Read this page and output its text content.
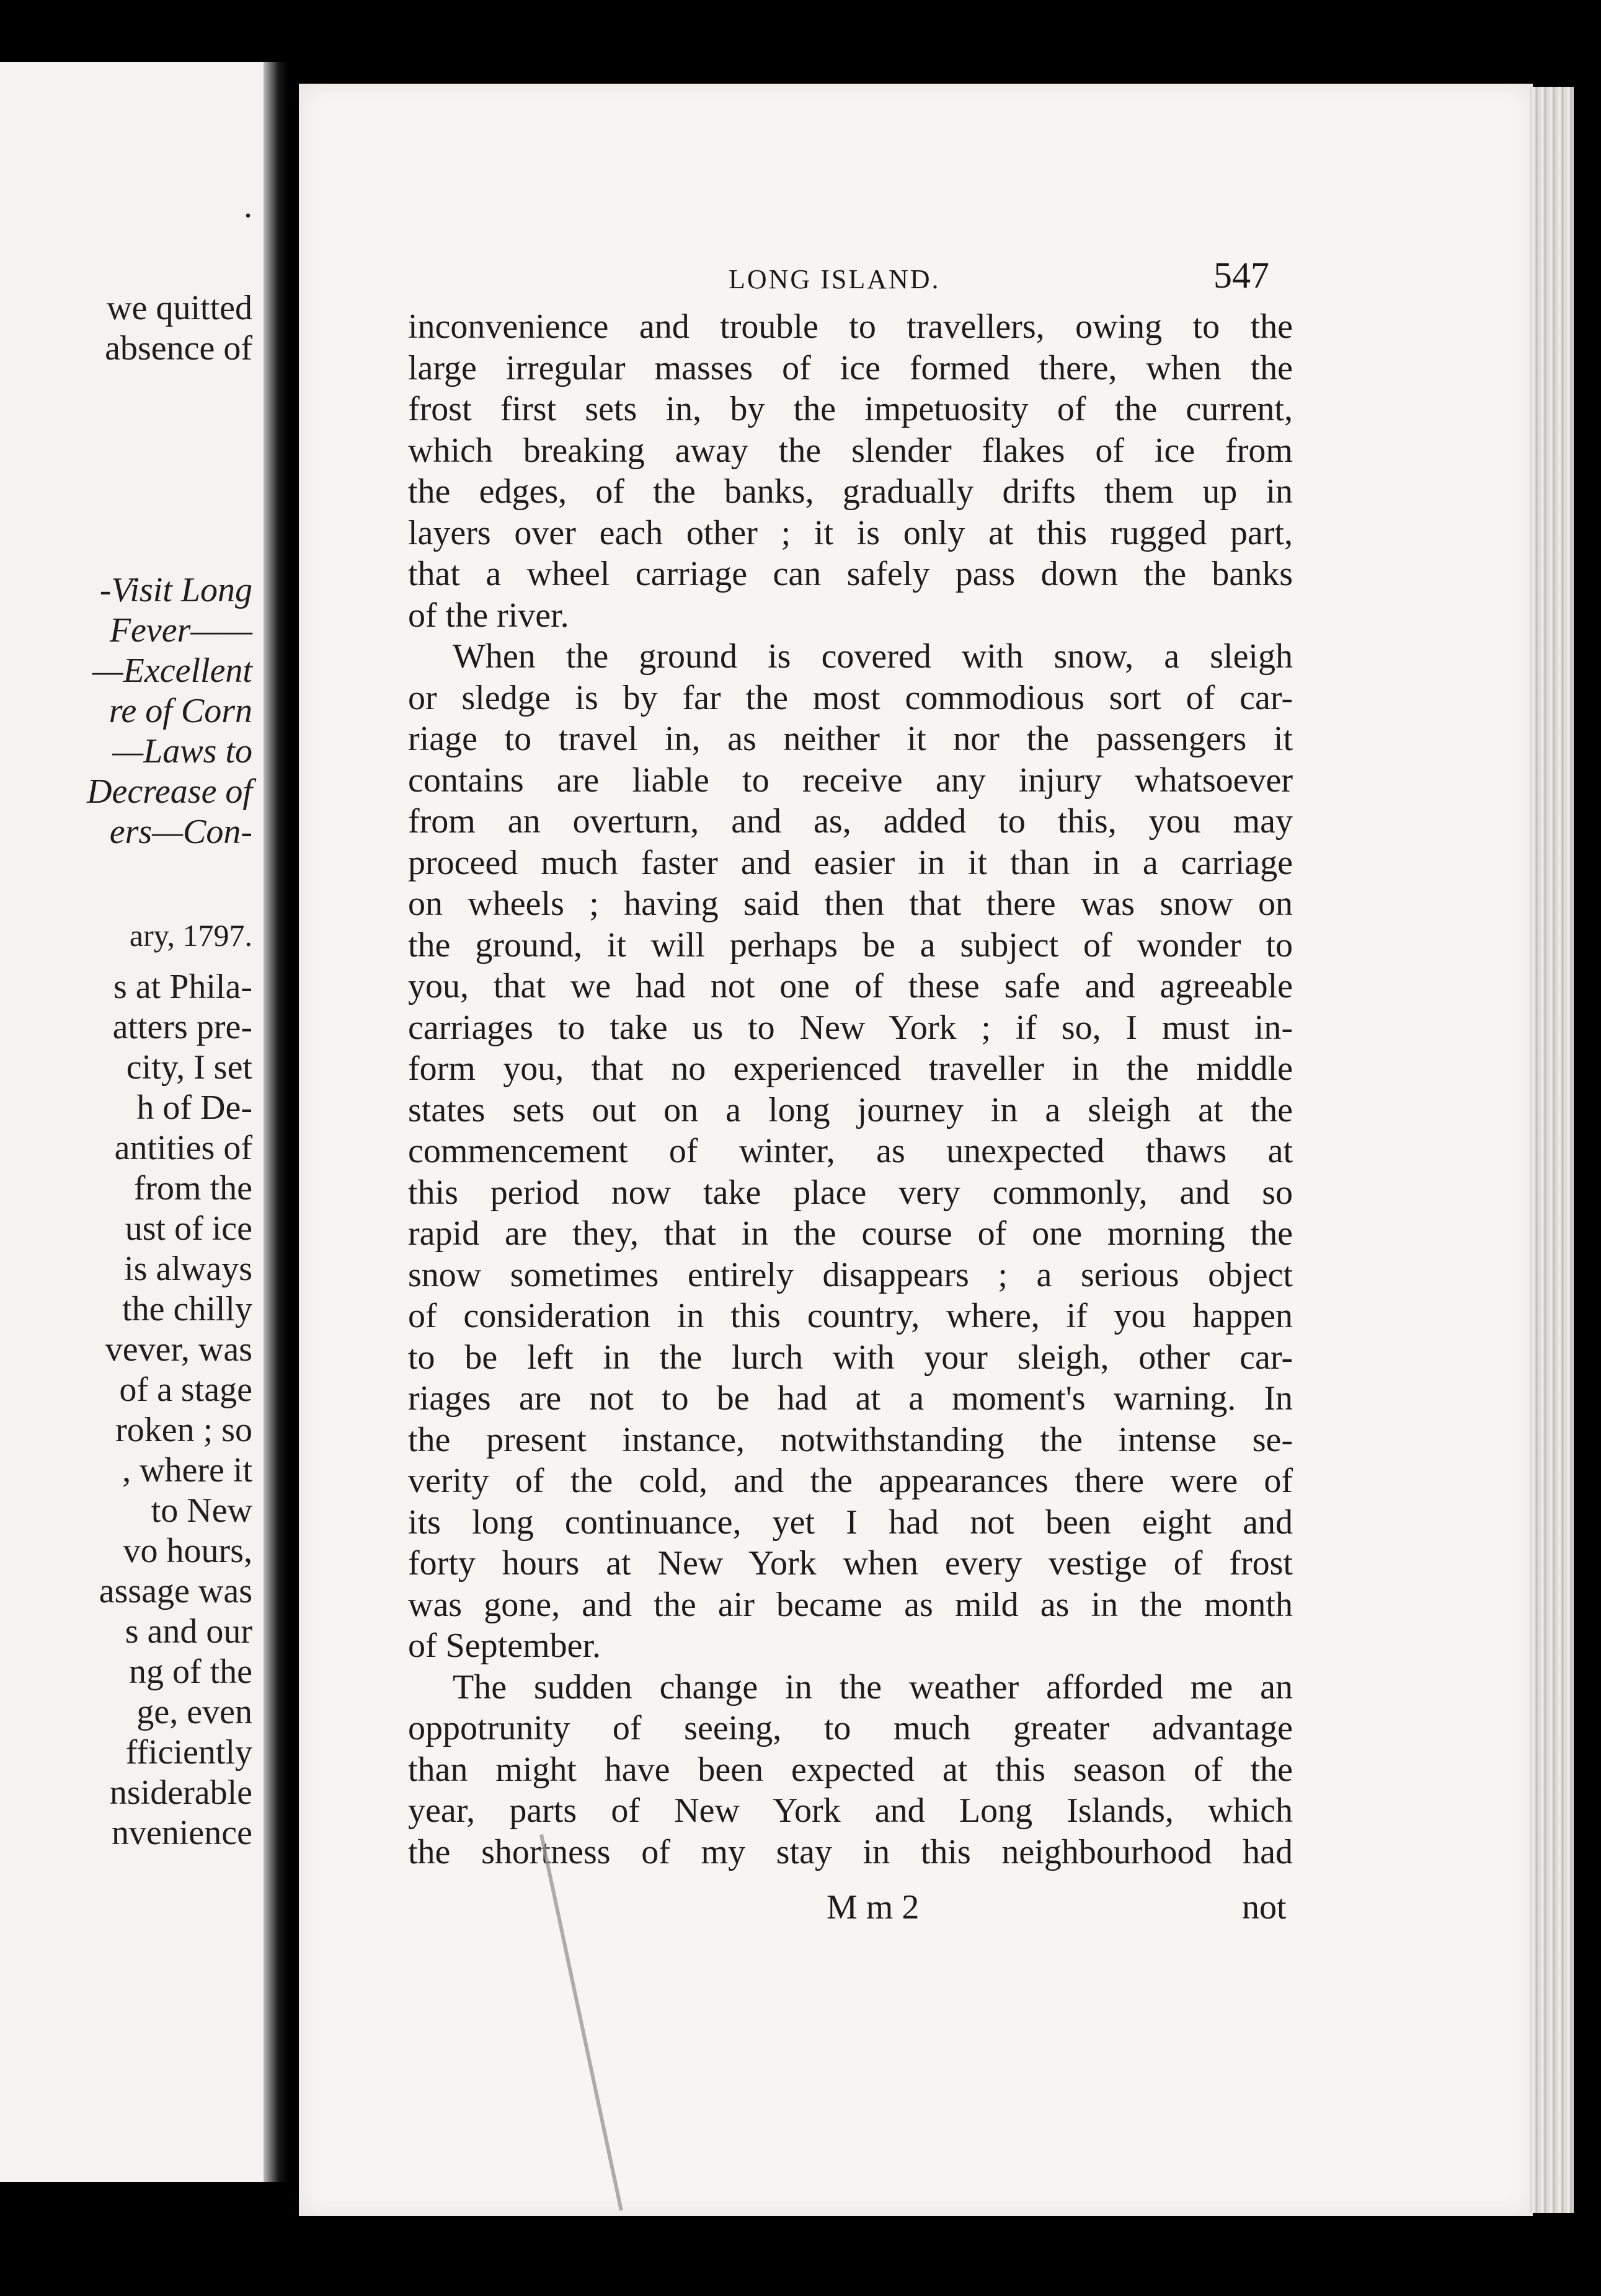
.
we quitted
absence of
-Visit Long
Fever——
—Excellent
re of Corn
—Laws to
Decrease of
ers—Con-
ary, 1797.
s at Phila-
atters pre-
city, I set
h of De-
antities of
from the
ust of ice
is always
the chilly
vever, was
of a stage
roken ; so
, where it
to New
vo hours,
assage was
s and our
ng of the
ge, even
fficiently
nsiderable
nvenience
LONG ISLAND.	547
inconvenience and trouble to travellers, owing to the
large irregular masses of ice formed there, when the
frost first sets in, by the impetuosity of the current,
which breaking away the slender flakes of ice from
the edges, of the banks, gradually drifts them up in
layers over each other ; it is only at this rugged part,
that a wheel carriage can safely pass down the banks
of the river.
When the ground is covered with snow, a sleigh
or sledge is by far the most commodious sort of car-
riage to travel in, as neither it nor the passengers it
contains are liable to receive any injury whatsoever
from an overturn, and as, added to this, you may
proceed much faster and easier in it than in a carriage
on wheels ; having said then that there was snow on
the ground, it will perhaps be a subject of wonder to
you, that we had not one of these safe and agreeable
carriages to take us to New York ; if so, I must in-
form you, that no experienced traveller in the middle
states sets out on a long journey in a sleigh at the
commencement of winter, as unexpected thaws at
this period now take place very commonly, and so
rapid are they, that in the course of one morning the
snow sometimes entirely disappears ; a serious object
of consideration in this country, where, if you happen
to be left in the lurch with your sleigh, other car-
riages are not to be had at a moment's warning. In
the present instance, notwithstanding the intense se-
verity of the cold, and the appearances there were of
its long continuance, yet I had not been eight and
forty hours at New York when every vestige of frost
was gone, and the air became as mild as in the month
of September.
The sudden change in the weather afforded me an
oppotrunity of seeing, to much greater advantage
than might have been expected at this season of the
year, parts of New York and Long Islands, which
the shortness of my stay in this neighbourhood had
M m 2	not
